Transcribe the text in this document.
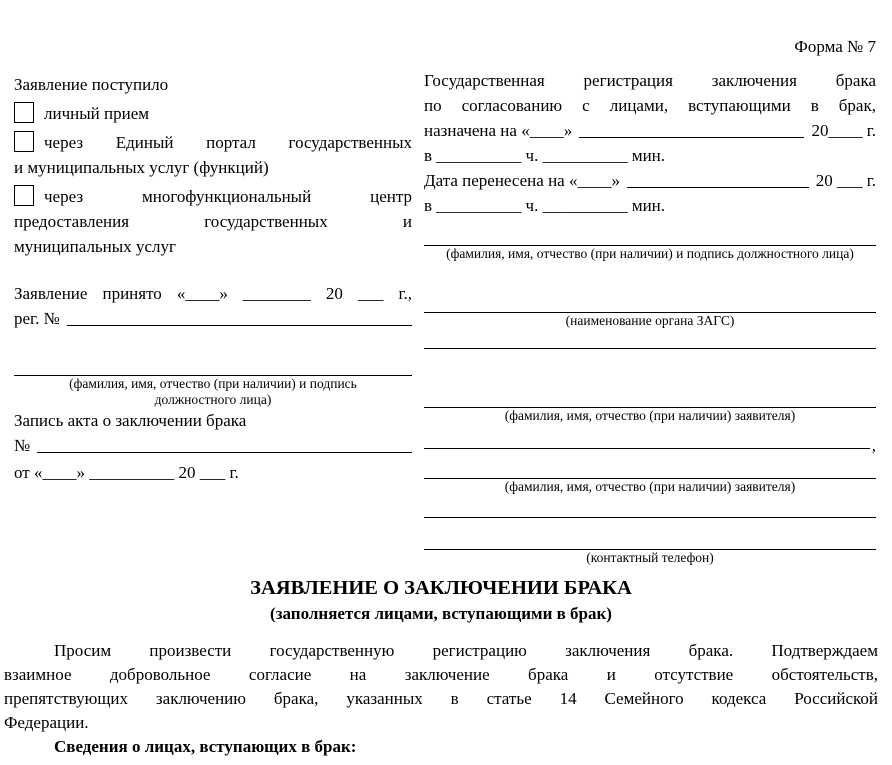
Заявление поступило
личный прием
через Единый портал государственных
и муниципальных услуг (функций)
через многофункциональный центр
предоставления государственных и
муниципальных услуг
Заявление принято «____» ________ 20 ___ г.,
рег. №
(фамилия, имя, отчество (при наличии) и подпись
должностного лица)
Запись акта о заключении брака
№
от «____» __________ 20 ___ г.
Форма № 7
Государственная регистрация заключения брака
по согласованию с лицами, вступающими в брак,
назначена на «____»	20____ г.
в __________ ч. __________ мин.
Дата перенесена на «____»	20 ___ г.
в __________ ч. __________ мин.
(фамилия, имя, отчество (при наличии) и подпись должностного лица)
(наименование органа ЗАГС)
(фамилия, имя, отчество (при наличии) заявителя)
,
(фамилия, имя, отчество (при наличии) заявителя)
(контактный телефон)
ЗАЯВЛЕНИЕ О ЗАКЛЮЧЕНИИ БРАКА
(заполняется лицами, вступающими в брак)
Просим произвести государственную регистрацию заключения брака. Подтверждаем
взаимное добровольное согласие на заключение брака и отсутствие обстоятельств,
препятствующих заключению брака, указанных в статье 14 Семейного кодекса Российской
Федерации.
Сведения о лицах, вступающих в брак:
